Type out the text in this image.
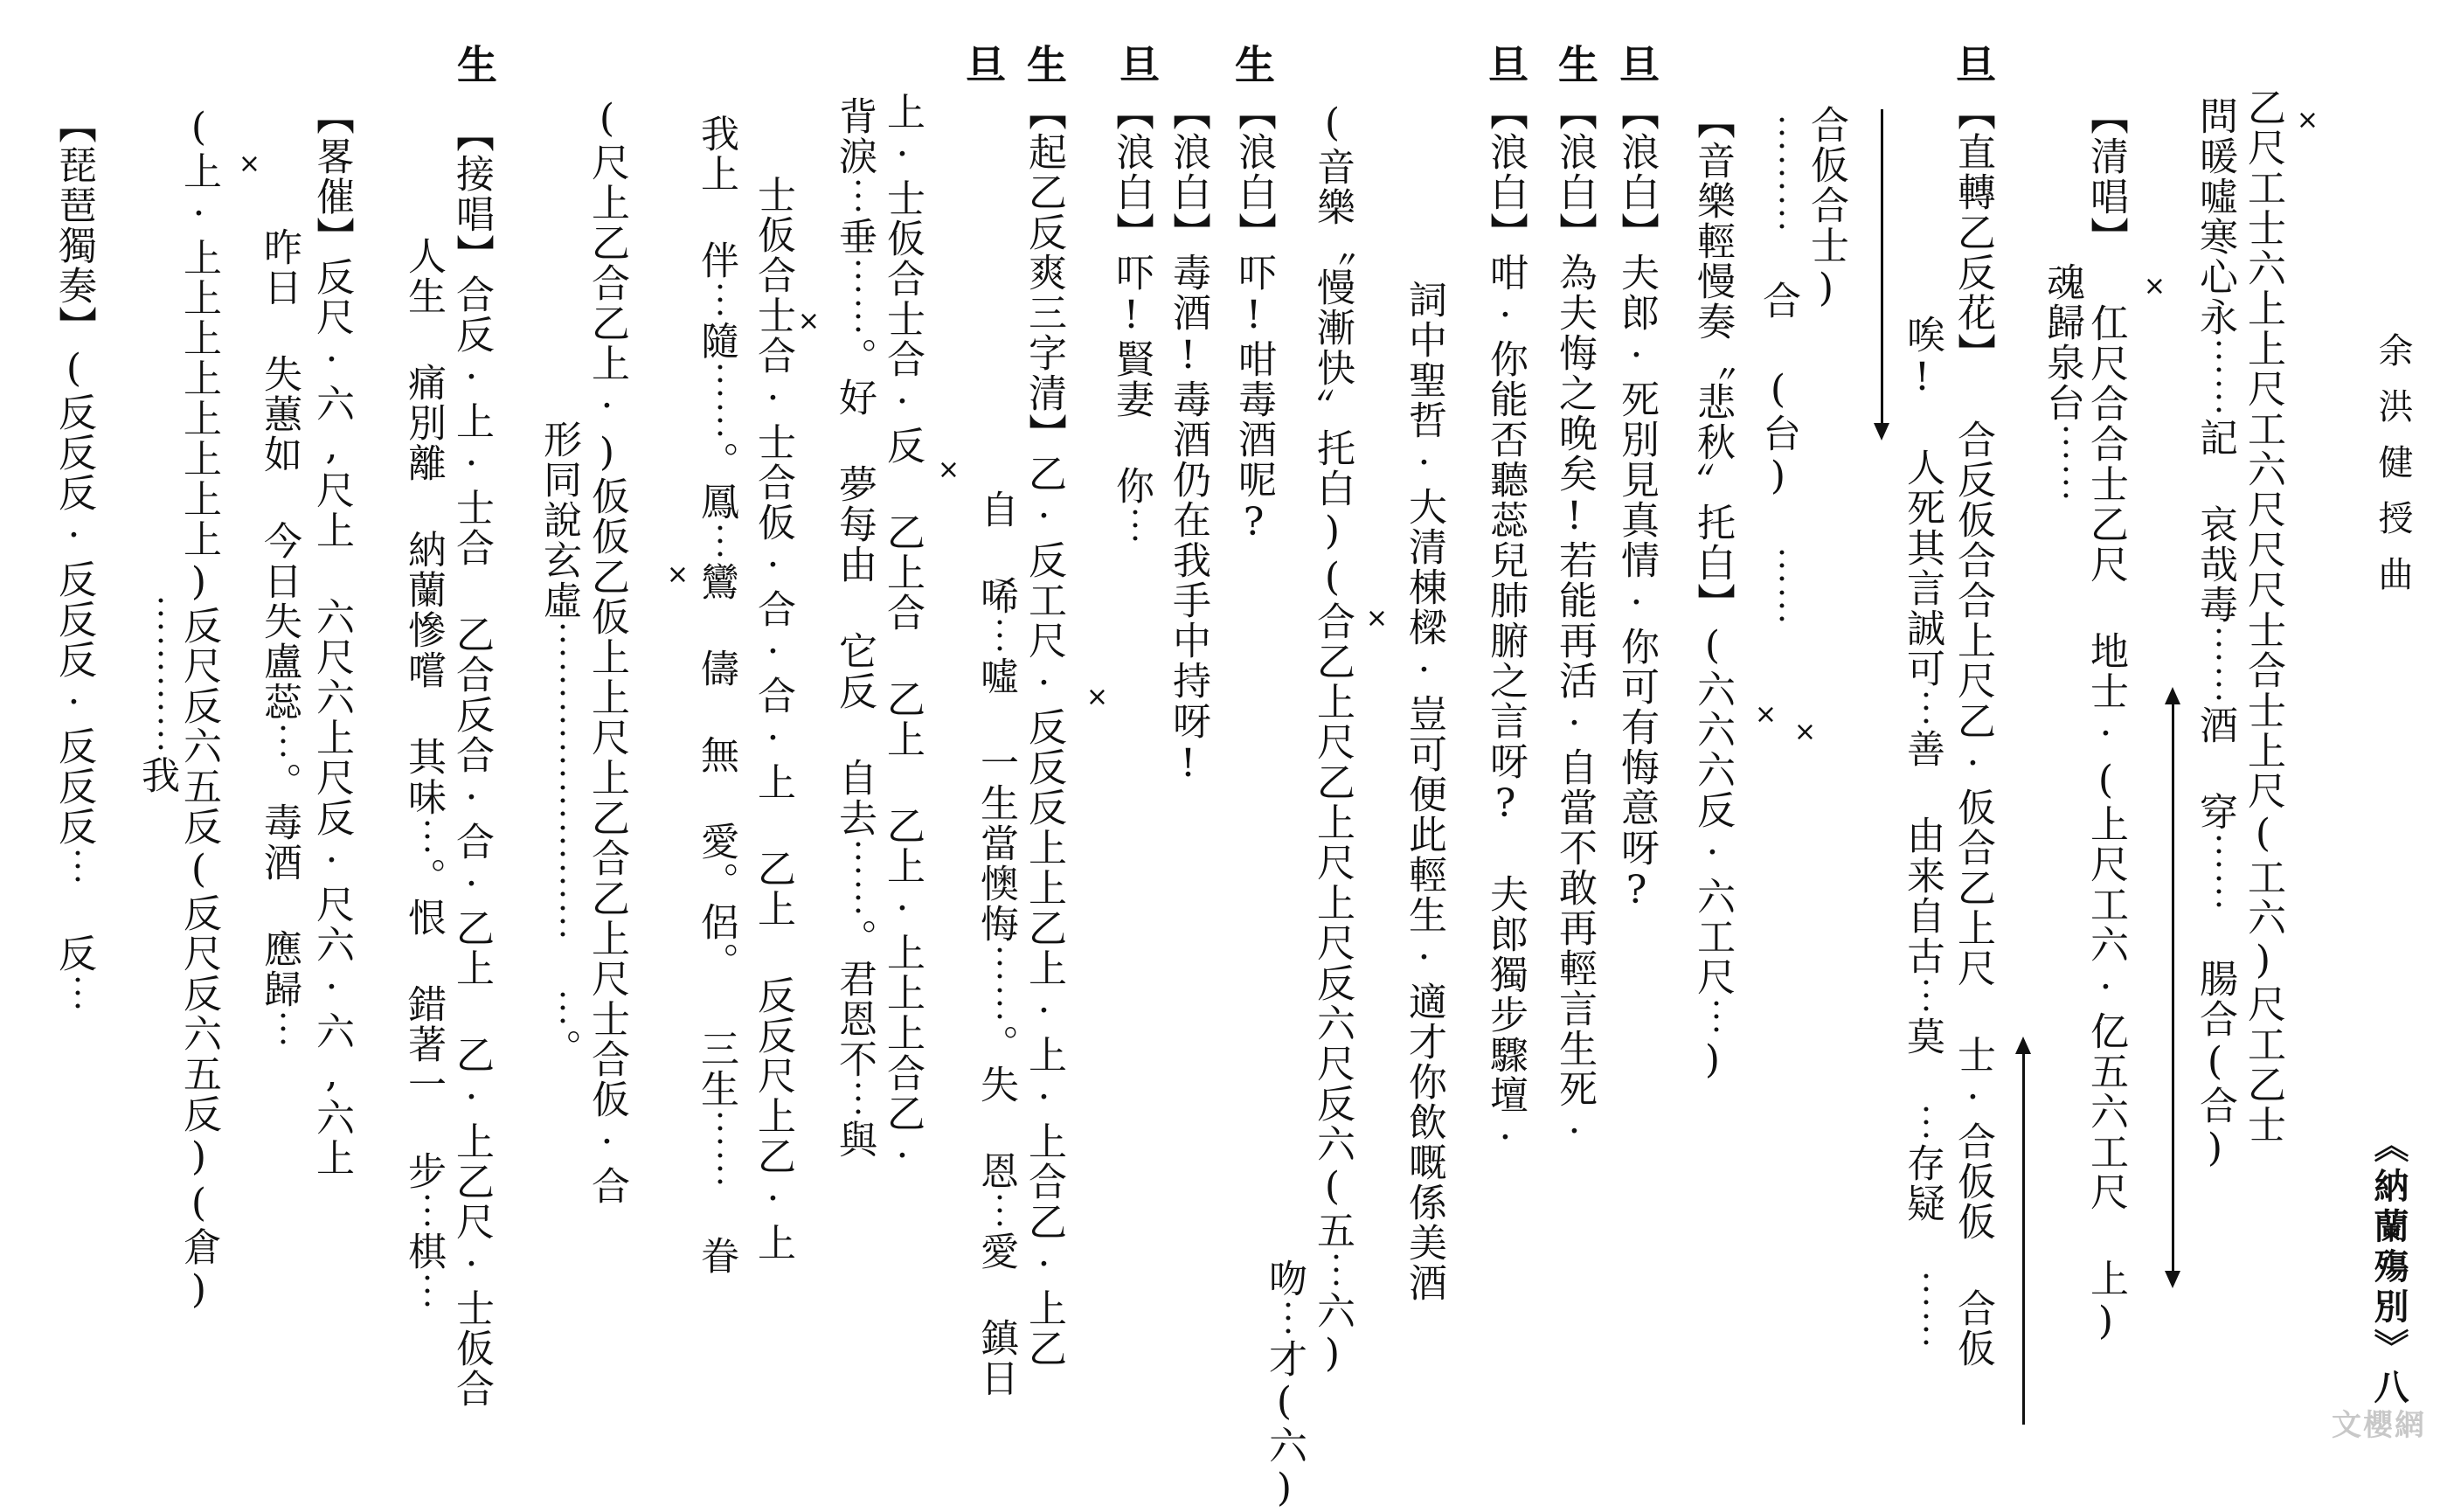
余洪健授曲
《納蘭殤別》八
旦
旦
生
旦
生
旦
生
旦
生
乙尺工士六上上尺工六尺尺尺士合士上尺(工六)尺工乙士
問暖噓寒心永⋯⋯記 哀哉毒⋯⋯酒 穿⋯⋯ 腸合(合)
【清唱】 仜尺合合士乙尺 地士·(上尺工六·亿五六工尺 上)
魂歸泉台⋯⋯
【直轉乙反花】 合反仮合合上尺乙·仮合乙上尺 士·合仮仮 合仮
唉! 人死其言誠可⋯善 由来自古⋯莫 ⋯存疑 ⋯⋯
合仮合士)
⋯⋯⋯ 合 (台) ⋯⋯
【音樂輕慢奏〝悲秋〞托白】(六六六反·六工尺⋯)
【浪白】夫郎·死別見真情·你可有悔意呀?
【浪白】為夫悔之晚矣!若能再活·自當不敢再輕言生死·
【浪白】咁·你能否聽蕊兒肺腑之言呀? 夫郎獨步驟壇·
詞中聖哲·大清棟樑·豈可便此輕生·適才你飲嘅係美酒
(音樂〝慢漸快〞托白)(合乙上尺乙上尺上尺反六尺反六(五⋯六)
吻⋯才(六)
【浪白】吓!咁毒酒呢?
【浪白】毒酒!毒酒仍在我手中持呀!
【浪白】吓!賢妻 你⋯
【起乙反爽三字清】乙·反工尺·反反反上上乙上·上·上合乙·上乙
自 唏⋯噓 一生當懊悔⋯⋯。失 恩⋯愛 鎮日
上·士仮合士合·反 乙上合 乙上 乙上·上上上合乙·
背淚⋯垂⋯⋯。好 夢每由 它反 自去⋯⋯。君恩不⋯與
士仮合士合·士合仮·合·合·上 乙上 反反尺上乙·上
我上 伴⋯隨⋯⋯。鳳⋯鸞 儔 無 愛。侶。 三生⋯⋯ 眷
(尺上乙合乙上·)仮仮乙仮上上尺上乙合乙上尺士合仮·合
形同說玄虛⋯⋯⋯⋯⋯⋯⋯⋯ ⋯。
【接唱】合反·上·士合 乙合反合·合·乙上 乙·上乙尺·士仮合
人生 痛別離 納蘭慘嚐 其味⋯。恨 錯著一 步⋯棋⋯
【畧催】反尺·六,尺上 六尺六上尺反·尺六·六,六上
昨日 失蕙如 今日失盧蕊⋯。毒酒 應歸⋯
(上·上上上上上上上上)反尺反六五反(反尺反六五反)(倉)
⋯⋯⋯⋯我
【琵琶獨奏】(反反反·反反反·反反反⋯ 反⋯	×
×
×
×
×
×
×
×
×
×
文櫻網
